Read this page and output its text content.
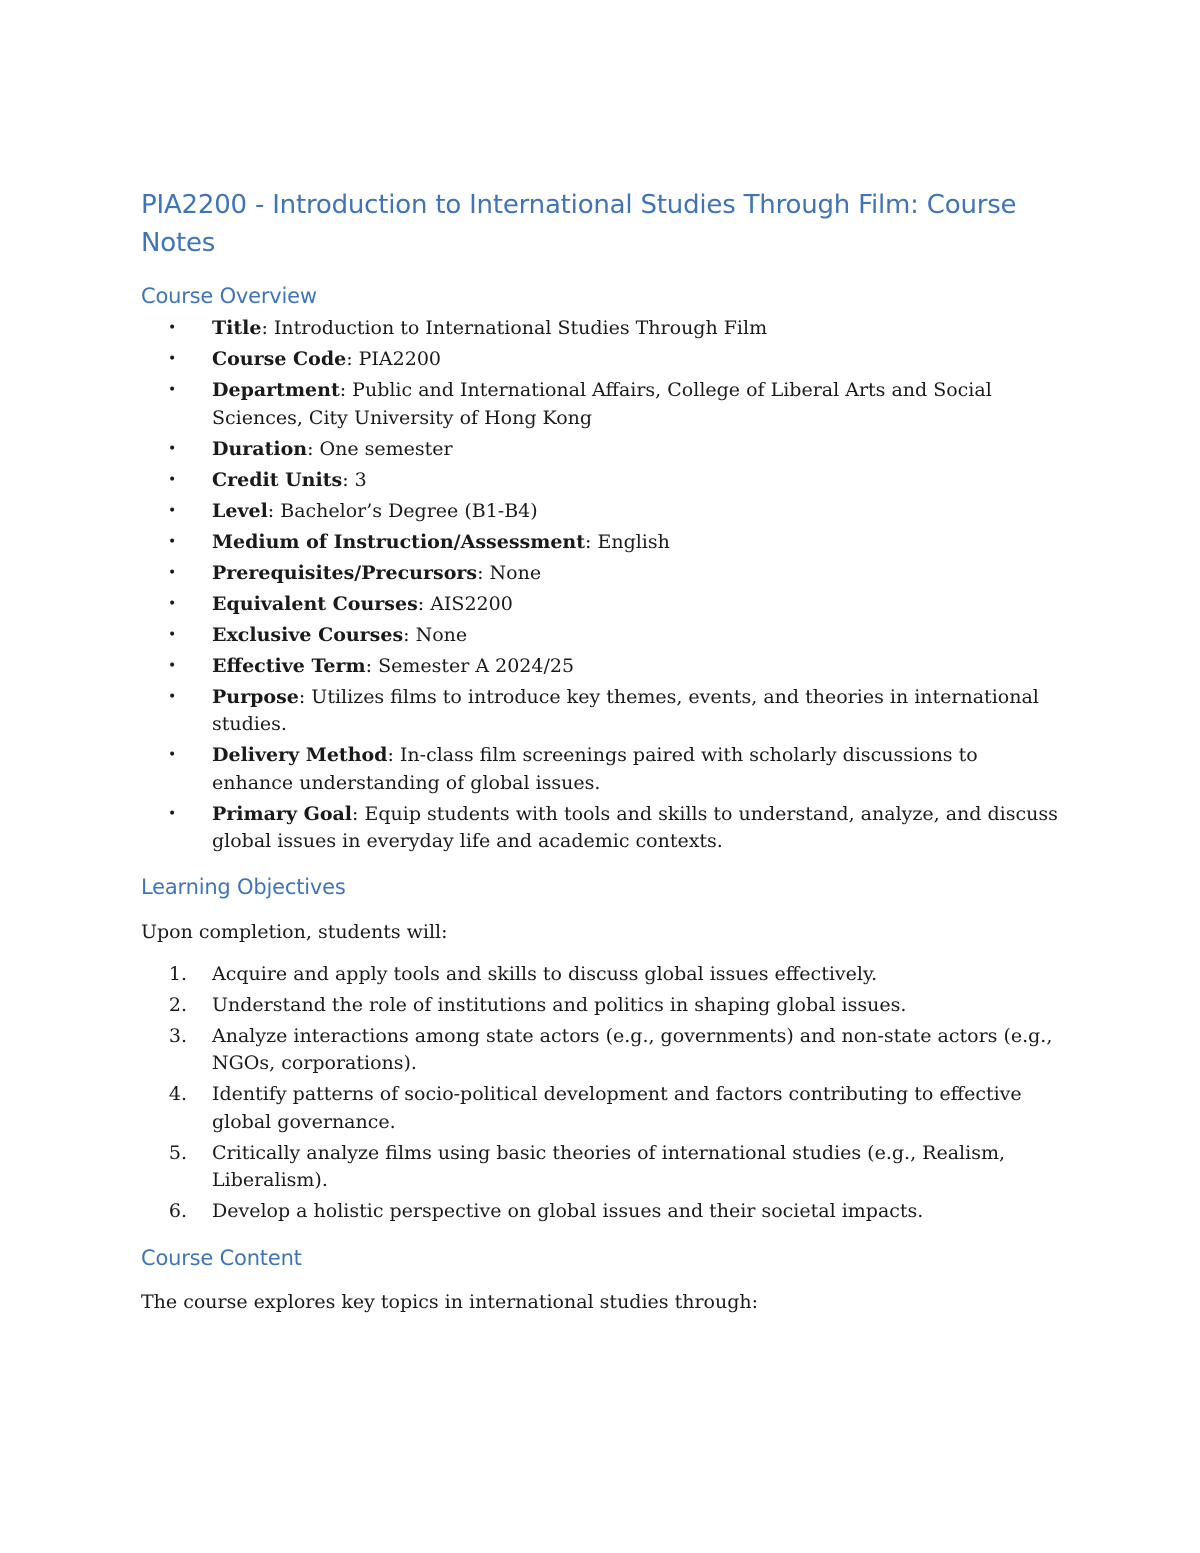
PIA2200 - Introduction to International Studies Through Film: Course Notes
Course Overview
• Title: Introduction to International Studies Through Film
• Course Code: PIA2200
• Department: Public and International Affairs, College of Liberal Arts and Social Sciences, City University of Hong Kong
• Duration: One semester
• Credit Units: 3
• Level: Bachelor’s Degree (B1-B4)
• Medium of Instruction/Assessment: English
• Prerequisites/Precursors: None
• Equivalent Courses: AIS2200
• Exclusive Courses: None
• Effective Term: Semester A 2024/25
• Purpose: Utilizes films to introduce key themes, events, and theories in international studies.
• Delivery Method: In-class film screenings paired with scholarly discussions to enhance understanding of global issues.
• Primary Goal: Equip students with tools and skills to understand, analyze, and discuss global issues in everyday life and academic contexts.
Learning Objectives

Upon completion, students will:

1. Acquire and apply tools and skills to discuss global issues effectively.
2. Understand the role of institutions and politics in shaping global issues.
3. Analyze interactions among state actors (e.g., governments) and non-state actors (e.g., NGOs, corporations).
4. Identify patterns of socio-political development and factors contributing to effective global governance.
5. Critically analyze films using basic theories of international studies (e.g., Realism, Liberalism).
6. Develop a holistic perspective on global issues and their societal impacts.
Course Content

The course explores key topics in international studies through:
